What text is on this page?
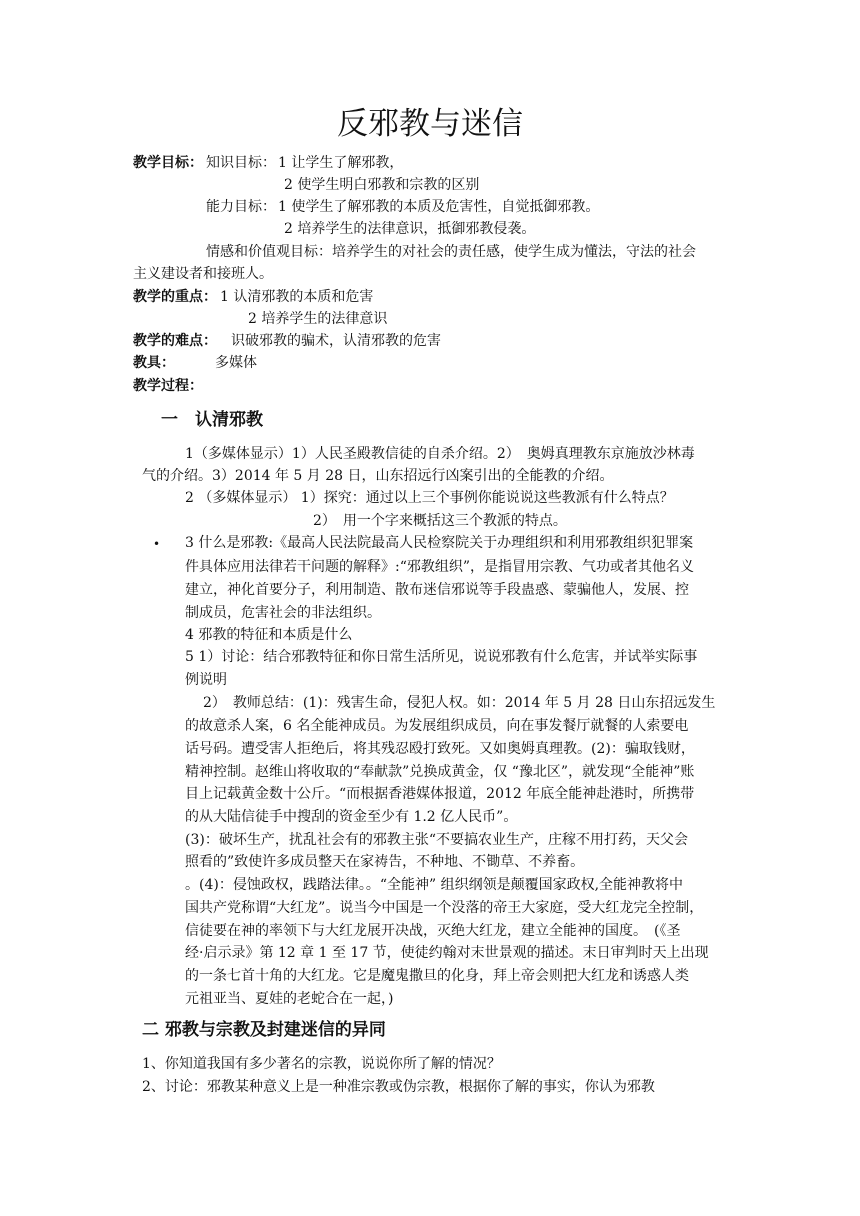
反邪教与迷信
教学目标： 知识目标： 1 让学生了解邪教，
2 使学生明白邪教和宗教的区别
能力目标： 1 使学生了解邪教的本质及危害性，自觉抵御邪教。
2 培养学生的法律意识，抵御邪教侵袭。
情感和价值观目标：培养学生的对社会的责任感，使学生成为懂法，守法的社会
主义建设者和接班人。
教学的重点： 1 认清邪教的本质和危害
2 培养学生的法律意识
教学的难点： 识破邪教的骗术，认清邪教的危害
教具：	多媒体
教学过程：
一　认清邪教
1（多媒体显示）1）人民圣殿教信徒的自杀介绍。2）　奥姆真理教东京施放沙林毒
气的介绍。3）2014 年 5 月 28 日，山东招远行凶案引出的全能教的介绍。
2 （多媒体显示） 1）探究：通过以上三个事例你能说说这些教派有什么特点？
2）　用一个字来概括这三个教派的特点。
• 3 什么是邪教:《最高人民法院最高人民检察院关于办理组织和利用邪教组织犯罪案
件具体应用法律若干问题的解释》:“邪教组织”，是指冒用宗教、气功或者其他名义
建立，神化首要分子，利用制造、散布迷信邪说等手段蛊惑、蒙骗他人，发展、控
制成员，危害社会的非法组织。
4 邪教的特征和本质是什么
5 1）讨论：结合邪教特征和你日常生活所见，说说邪教有什么危害，并试举实际事
例说明
2）　教师总结：(1)：残害生命，侵犯人权。如：2014 年 5 月 28 日山东招远发生
的故意杀人案，6 名全能神成员。为发展组织成员，向在事发餐厅就餐的人索要电
话号码。遭受害人拒绝后，将其残忍殴打致死。又如奥姆真理教。(2)：骗取钱财，
精神控制。赵维山将收取的“奉献款”兑换成黄金，仅 “豫北区”，就发现“全能神”账
目上记载黄金数十公斤。“而根据香港媒体报道，2012 年底全能神赴港时，所携带
的从大陆信徒手中搜刮的资金至少有 1.2 亿人民币”。
(3)：破坏生产，扰乱社会有的邪教主张“不要搞农业生产，庄稼不用打药，天父会
照看的”致使许多成员整天在家祷告，不种地、不锄草、不养畜。
。(4)：侵蚀政权，践踏法律。。“全能神” 组织纲领是颠覆国家政权,全能神教将中
国共产党称谓“大红龙”。说当今中国是一个没落的帝王大家庭，受大红龙完全控制，
信徒要在神的率领下与大红龙展开决战，灭绝大红龙，建立全能神的国度。　(《圣
经·启示录》第 12 章 1 至 17 节，使徒约翰对末世景观的描述。末日审判时天上出现
的一条七首十角的大红龙。它是魔鬼撒旦的化身，拜上帝会则把大红龙和诱惑人类
元祖亚当、夏娃的老蛇合在一起，)
二 邪教与宗教及封建迷信的异同
1、你知道我国有多少著名的宗教，说说你所了解的情况？
2、讨论：邪教某种意义上是一种准宗教或伪宗教，根据你了解的事实，你认为邪教
